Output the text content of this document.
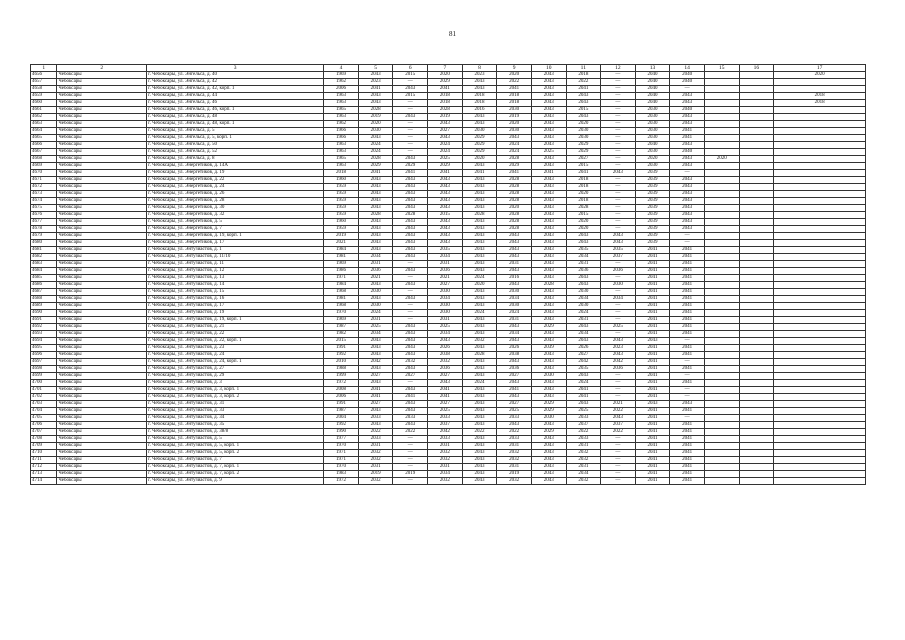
81
1	2	3	4	5	6	7	8	9	10	11	12	13	14	15	16	17
4656	Чебоксары	г. Чебоксары, ул. Энгельса, д. 40	1969	2043	2015	2020	2023	2020	2043	2018	—	2040	2040			2020
4657	Чебоксары	г. Чебоксары, ул. Энгельса, д. 42	1962	2023	—	2029	2043	2022	2043	2022	—	2040	2040			
4658	Чебоксары	г. Чебоксары, ул. Энгельса, д. 42, корп. 1	2006	2041	2043	2041	2043	2041	2043	2041	—	2040	—			
4659	Чебоксары	г. Чебоксары, ул. Энгельса, д. 44	1963	2043	2015	2018	2018	2018	2043	2043	—	2040	2043			2018
4660	Чебоксары	г. Чебоксары, ул. Энгельса, д. 46	1963	2043	—	2018	2018	2018	2043	2043	—	2040	2043			2018
4661	Чебоксары	г. Чебоксары, ул. Энгельса, д. 46, корп. 1	1965	2028	—	2028	2016	2030	2043	2015	—	2030	2040			
4662	Чебоксары	г. Чебоксары, ул. Энгельса, д. 48	1963	2019	2043	2019	2043	2019	2043	2043	—	2030	2043			
4663	Чебоксары	г. Чебоксары, ул. Энгельса, д. 48, корп. 1	1962	2020	—	2043	2043	2020	2043	2020	—	2030	2043			
4664	Чебоксары	г. Чебоксары, ул. Энгельса, д. 5	1966	2030	—	2027	2030	2030	2043	2030	—	2030	2041			
4665	Чебоксары	г. Чебоксары, ул. Энгельса, д. 5, корп. 1	1966	2043	—	2043	2029	2043	2043	2030	—	2030	2041			
4666	Чебоксары	г. Чебоксары, ул. Энгельса, д. 50	1963	2024	—	2024	2029	2024	2043	2029	—	2040	2043			
4667	Чебоксары	г. Чебоксары, ул. Энгельса, д. 52	1963	2024	—	2024	2029	2024	2025	2029	—	2030	2040			
4668	Чебоксары	г. Чебоксары, ул. Энгельса, д. 8	1965	2028	2043	2025	2020	2028	2043	2027	—	2020	2043	2020		
4669	Чебоксары	г. Чебоксары, ул. Энергетиков, д. 14А	1963	2029	2029	2029	2043	2029	2043	2015	—	2030	2043			
4670	Чебоксары	г. Чебоксары, ул. Энергетиков, д. 19	2018	2041	2041	2041	2041	2041	2041	2041	2043	2039	—			
4671	Чебоксары	г. Чебоксары, ул. Энергетиков, д. 22	1960	2043	2043	2043	2043	2028	2043	2018	—	2039	2043			
4672	Чебоксары	г. Чебоксары, ул. Энергетиков, д. 24	1959	2043	2043	2043	2043	2028	2043	2018	—	2039	2043			
4673	Чебоксары	г. Чебоксары, ул. Энергетиков, д. 26	1959	2043	2043	2043	2043	2028	2043	2020	—	2039	2043			
4674	Чебоксары	г. Чебоксары, ул. Энергетиков, д. 28	1959	2043	2043	2043	2043	2028	2043	2018	—	2039	2043			
4675	Чебоксары	г. Чебоксары, ул. Энергетиков, д. 30	1959	2043	2043	2043	2043	2020	2043	2028	—	2039	2043			
4676	Чебоксары	г. Чебоксары, ул. Энергетиков, д. 32	1959	2028	2028	2015	2028	2028	2043	2015	—	2039	2043			
4677	Чебоксары	г. Чебоксары, ул. Энергетиков, д. 5	1960	2043	2043	2043	2043	2028	2043	2020	—	2039	2043			
4678	Чебоксары	г. Чебоксары, ул. Энергетиков, д. 7	1959	2043	2043	2043	2043	2028	2043	2020	—	2039	2043			
4679	Чебоксары	г. Чебоксары, ул. Энергетиков, д. 19, корп. 1	2019	2043	2043	2043	2043	2043	2043	2043	2043	2039	—			
4680	Чебоксары	г. Чебоксары, ул. Энергетиков, д. 17	2021	2043	2043	2043	2043	2043	2043	2043	2043	2039	—			
4681	Чебоксары	г. Чебоксары, ул. Энтузиастов, д. 1	1984	2043	2043	2035	2043	2043	2043	2035	2035	2041	2041			
4682	Чебоксары	г. Чебоксары, ул. Энтузиастов, д. 11/10	1981	2034	2043	2034	2043	2043	2043	2034	2037	2041	2041			
4683	Чебоксары	г. Чебоксары, ул. Энтузиастов, д. 11	1969	2031	—	2031	2043	2031	2043	2031	—	2041	2041			
4684	Чебоксары	г. Чебоксары, ул. Энтузиастов, д. 12	1986	2036	2043	2036	2043	2043	2043	2036	2036	2041	2041			
4685	Чебоксары	г. Чебоксары, ул. Энтузиастов, д. 13	1971	2021	—	2021	2024	2016	2043	2043	—	2041	2041			
4686	Чебоксары	г. Чебоксары, ул. Энтузиастов, д. 14	1984	2043	2043	2027	2020	2043	2028	2043	2030	2041	2041			
4687	Чебоксары	г. Чебоксары, ул. Энтузиастов, д. 15	1968	2030	—	2030	2043	2030	2043	2030	—	2041	2041			
4688	Чебоксары	г. Чебоксары, ул. Энтузиастов, д. 16	1981	2043	2043	2034	2043	2034	2043	2034	2034	2041	2041			
4689	Чебоксары	г. Чебоксары, ул. Энтузиастов, д. 17	1968	2030	—	2030	2043	2030	2043	2030	—	2041	2041			
4690	Чебоксары	г. Чебоксары, ул. Энтузиастов, д. 19	1970	2024	—	2030	2024	2024	2043	2024	—	2041	2041			
4691	Чебоксары	г. Чебоксары, ул. Энтузиастов, д. 19, корп. 1	1969	2031	—	2031	2043	2031	2043	2031	—	2041	2041			
4692	Чебоксары	г. Чебоксары, ул. Энтузиастов, д. 21	1987	2025	2043	2025	2043	2043	2029	2043	2025	2041	2041			
4693	Чебоксары	г. Чебоксары, ул. Энтузиастов, д. 22	1982	2034	2043	2034	2043	2034	2043	2034	—	2041	2041			
4694	Чебоксары	г. Чебоксары, ул. Энтузиастов, д. 22, корп. 1	2015	2043	2043	2043	2032	2043	2043	2043	2043	2043	—			
4695	Чебоксары	г. Чебоксары, ул. Энтузиастов, д. 23	1991	2043	2043	2026	2043	2026	2039	2026	2023	2041	2041			
4696	Чебоксары	г. Чебоксары, ул. Энтузиастов, д. 24	1992	2043	2043	2038	2028	2038	2043	2027	2043	2041	2041			
4697	Чебоксары	г. Чебоксары, ул. Энтузиастов, д. 24, корп. 1	2010	2042	2032	2032	2043	2043	2043	2042	2042	2041	—			
4698	Чебоксары	г. Чебоксары, ул. Энтузиастов, д. 27	1988	2043	2043	2036	2043	2036	2043	2035	2036	2041	2041			
4699	Чебоксары	г. Чебоксары, ул. Энтузиастов, д. 29	1999	2027	2027	2027	2043	2027	2030	2043	—	2041	—			
4700	Чебоксары	г. Чебоксары, ул. Энтузиастов, д. 3	1972	2043	—	2043	2024	2043	2043	2024	—	2041	2041			
4701	Чебоксары	г. Чебоксары, ул. Энтузиастов, д. 3, корп. 1	2008	2041	2043	2041	2043	2041	2043	2041	—	2041	—			
4702	Чебоксары	г. Чебоксары, ул. Энтузиастов, д. 3, корп. 2	2006	2041	2041	2041	2043	2043	2043	2041	—	2041	—			
4703	Чебоксары	г. Чебоксары, ул. Энтузиастов, д. 31	1991	2027	2043	2027	2043	2027	2029	2043	2021	2043	2043			
4704	Чебоксары	г. Чебоксары, ул. Энтузиастов, д. 33	1987	2043	2043	2025	2043	2025	2029	2025	2022	2041	2041			
4705	Чебоксары	г. Чебоксары, ул. Энтузиастов, д. 34	2004	2033	2033	2033	2043	2033	2030	2033	2043	2041	—			
4706	Чебоксары	г. Чебоксары, ул. Энтузиастов, д. 35	1992	2043	2043	2037	2043	2043	2043	2037	2037	2041	2041			
4707	Чебоксары	г. Чебоксары, ул. Энтузиастов, д. 38/8	1990	2022	2022	2042	2022	2022	2029	2022	2022	2041	2041			
4708	Чебоксары	г. Чебоксары, ул. Энтузиастов, д. 5	1977	2033	—	2033	2043	2033	2043	2033	—	2041	2041			
4709	Чебоксары	г. Чебоксары, ул. Энтузиастов, д. 5, корп. 1	1970	2031	—	2031	2043	2031	2043	2031	—	2041	2041			
4710	Чебоксары	г. Чебоксары, ул. Энтузиастов, д. 5, корп. 2	1971	2032	—	2032	2043	2032	2043	2032	—	2041	2041			
4711	Чебоксары	г. Чебоксары, ул. Энтузиастов, д. 7	1971	2032	—	2032	2043	2032	2043	2032	—	2041	2041			
4712	Чебоксары	г. Чебоксары, ул. Энтузиастов, д. 7, корп. 1	1970	2031	—	2031	2043	2031	2043	2031	—	2041	2041			
4713	Чебоксары	г. Чебоксары, ул. Энтузиастов, д. 7, корп. 2	1983	2019	2019	2034	2043	2019	2043	2034	—	2041	2041			
4714	Чебоксары	г. Чебоксары, ул. Энтузиастов, д. 9	1972	2032	—	2032	2043	2032	2043	2032	—	2041	2041			
